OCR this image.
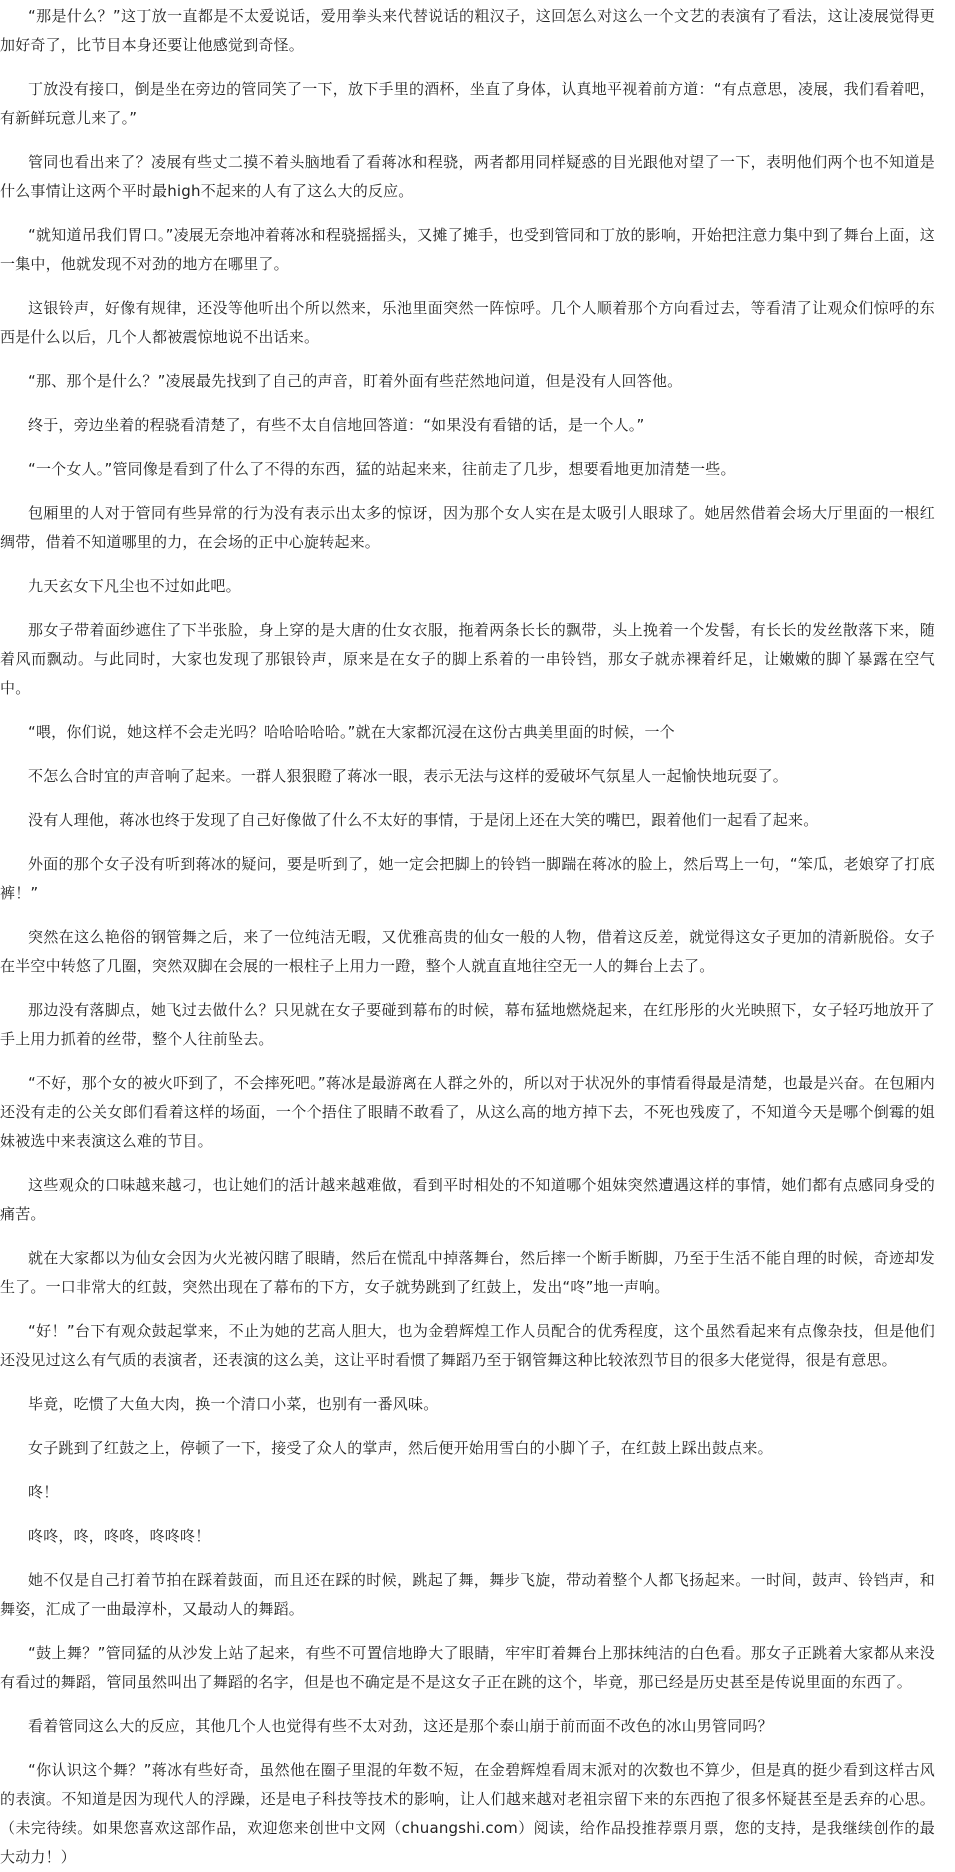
“那是什么？”这丁放一直都是不太爱说话，爱用拳头来代替说话的粗汉子，这回怎么对这么一个文艺的表演有了看法，这让凌展觉得更加好奇了，比节目本身还要让他感觉到奇怪。

丁放没有接口，倒是坐在旁边的管同笑了一下，放下手里的酒杯，坐直了身体，认真地平视着前方道：“有点意思，凌展，我们看着吧，有新鲜玩意儿来了。”

管同也看出来了？凌展有些丈二摸不着头脑地看了看蒋冰和程骁，两者都用同样疑惑的目光跟他对望了一下，表明他们两个也不知道是什么事情让这两个平时最high不起来的人有了这么大的反应。

“就知道吊我们胃口。”凌展无奈地冲着蒋冰和程骁摇摇头，又摊了摊手，也受到管同和丁放的影响，开始把注意力集中到了舞台上面，这一集中，他就发现不对劲的地方在哪里了。

这银铃声，好像有规律，还没等他听出个所以然来，乐池里面突然一阵惊呼。几个人顺着那个方向看过去，等看清了让观众们惊呼的东西是什么以后，几个人都被震惊地说不出话来。

“那、那个是什么？”凌展最先找到了自己的声音，盯着外面有些茫然地问道，但是没有人回答他。

终于，旁边坐着的程骁看清楚了，有些不太自信地回答道：“如果没有看错的话，是一个人。”

“一个女人。”管同像是看到了什么了不得的东西，猛的站起来来，往前走了几步，想要看地更加清楚一些。

包厢里的人对于管同有些异常的行为没有表示出太多的惊讶，因为那个女人实在是太吸引人眼球了。她居然借着会场大厅里面的一根红绸带，借着不知道哪里的力，在会场的正中心旋转起来。

九天玄女下凡尘也不过如此吧。

那女子带着面纱遮住了下半张脸，身上穿的是大唐的仕女衣服，拖着两条长长的飘带，头上挽着一个发髻，有长长的发丝散落下来，随着风而飘动。与此同时，大家也发现了那银铃声，原来是在女子的脚上系着的一串铃铛，那女子就赤裸着纤足，让嫩嫩的脚丫暴露在空气中。

“喂，你们说，她这样不会走光吗？哈哈哈哈哈。”就在大家都沉浸在这份古典美里面的时候，一个

不怎么合时宜的声音响了起来。一群人狠狠瞪了蒋冰一眼，表示无法与这样的爱破坏气氛星人一起愉快地玩耍了。

没有人理他，蒋冰也终于发现了自己好像做了什么不太好的事情，于是闭上还在大笑的嘴巴，跟着他们一起看了起来。

外面的那个女子没有听到蒋冰的疑问，要是听到了，她一定会把脚上的铃铛一脚踹在蒋冰的脸上，然后骂上一句，“笨瓜，老娘穿了打底裤！”

突然在这么艳俗的钢管舞之后，来了一位纯洁无暇，又优雅高贵的仙女一般的人物，借着这反差，就觉得这女子更加的清新脱俗。女子在半空中转悠了几圈，突然双脚在会展的一根柱子上用力一蹬，整个人就直直地往空无一人的舞台上去了。

那边没有落脚点，她飞过去做什么？只见就在女子要碰到幕布的时候，幕布猛地燃烧起来，在红彤彤的火光映照下，女子轻巧地放开了手上用力抓着的丝带，整个人往前坠去。

“不好，那个女的被火吓到了，不会摔死吧。”蒋冰是最游离在人群之外的，所以对于状况外的事情看得最是清楚，也最是兴奋。在包厢内还没有走的公关女郎们看着这样的场面，一个个捂住了眼睛不敢看了，从这么高的地方掉下去，不死也残废了，不知道今天是哪个倒霉的姐妹被选中来表演这么难的节目。

这些观众的口味越来越刁，也让她们的活计越来越难做，看到平时相处的不知道哪个姐妹突然遭遇这样的事情，她们都有点感同身受的痛苦。

就在大家都以为仙女会因为火光被闪瞎了眼睛，然后在慌乱中掉落舞台，然后摔一个断手断脚，乃至于生活不能自理的时候，奇迹却发生了。一口非常大的红鼓，突然出现在了幕布的下方，女子就势跳到了红鼓上，发出“咚”地一声响。

“好！”台下有观众鼓起掌来，不止为她的艺高人胆大，也为金碧辉煌工作人员配合的优秀程度，这个虽然看起来有点像杂技，但是他们还没见过这么有气质的表演者，还表演的这么美，这让平时看惯了舞蹈乃至于钢管舞这种比较浓烈节目的很多大佬觉得，很是有意思。

毕竟，吃惯了大鱼大肉，换一个清口小菜，也别有一番风味。

女子跳到了红鼓之上，停顿了一下，接受了众人的掌声，然后便开始用雪白的小脚丫子，在红鼓上踩出鼓点来。

咚！

咚咚，咚，咚咚，咚咚咚！

她不仅是自己打着节拍在踩着鼓面，而且还在踩的时候，跳起了舞，舞步飞旋，带动着整个人都飞扬起来。一时间，鼓声、铃铛声，和舞姿，汇成了一曲最淳朴，又最动人的舞蹈。

“鼓上舞？”管同猛的从沙发上站了起来，有些不可置信地睁大了眼睛，牢牢盯着舞台上那抹纯洁的白色看。那女子正跳着大家都从来没有看过的舞蹈，管同虽然叫出了舞蹈的名字，但是也不确定是不是这女子正在跳的这个，毕竟，那已经是历史甚至是传说里面的东西了。

看着管同这么大的反应，其他几个人也觉得有些不太对劲，这还是那个泰山崩于前而面不改色的冰山男管同吗？

“你认识这个舞？”蒋冰有些好奇，虽然他在圈子里混的年数不短，在金碧辉煌看周末派对的次数也不算少，但是真的挺少看到这样古风的表演。不知道是因为现代人的浮躁，还是电子科技等技术的影响，让人们越来越对老祖宗留下来的东西抱了很多怀疑甚至是丢弃的心思。（未完待续。如果您喜欢这部作品，欢迎您来创世中文网（chuangshi.com）阅读，给作品投推荐票月票，您的支持，是我继续创作的最大动力！）
